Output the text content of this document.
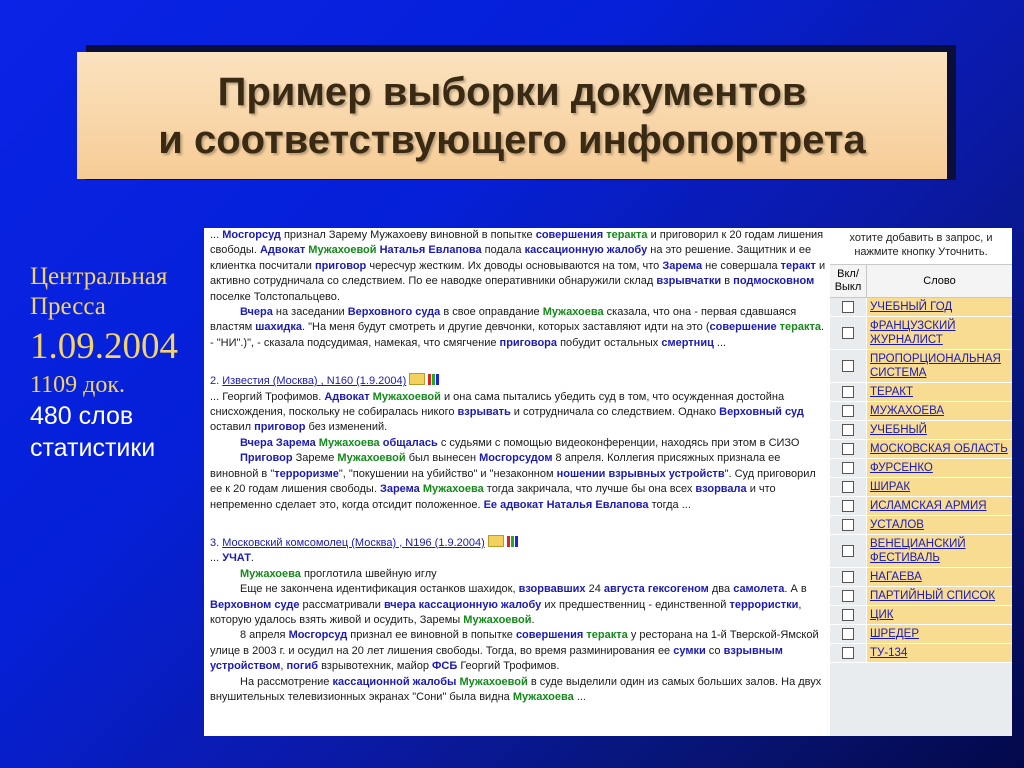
Пример выборки документов
и соответствующего инфопортрета
Центральная
Пресса
1.09.2004
1109 док.
480 слов
статистики

... Мосгорсуд признал Зарему Мужахоеву виновной в попытке совершения теракта и приговорил к 20 годам лишения свободы. Адвокат Мужахоевой Наталья Евлапова подала кассационную жалобу на это решение. Защитник и ее клиентка посчитали приговор чересчур жестким. Их доводы основываются на том, что Зарема не совершала теракт и активно сотрудничала со следствием. По ее наводке оперативники обнаружили склад взрывчатки в подмосковном поселке Толстопальцево.

Вчера на заседании Верховного суда в свое оправдание Мужахоева сказала, что она - первая сдавшаяся властям шахидка. "На меня будут смотреть и другие девчонки, которых заставляют идти на это (совершение теракта. - "НИ".)", - сказала подсудимая, намекая, что смягчение приговора побудит остальных смертниц ...

2. Известия (Москва) , N160 (1.9.2004)

... Георгий Трофимов. Адвокат Мужахоевой и она сама пытались убедить суд в том, что осужденная достойна снисхождения, поскольку не собиралась никого взрывать и сотрудничала со следствием. Однако Верховный суд оставил приговор без изменений.

Вчера Зарема Мужахоева общалась с судьями с помощью видеоконференции, находясь при этом в СИЗО

Приговор Зареме Мужахоевой был вынесен Мосгорсудом 8 апреля. Коллегия присяжных признала ее виновной в "терроризме", "покушении на убийство" и "незаконном ношении взрывных устройств". Суд приговорил ее к 20 годам лишения свободы. Зарема Мужахоева тогда закричала, что лучше бы она всех взорвала и что непременно сделает это, когда отсидит положенное. Ее адвокат Наталья Евлапова тогда ...

3. Московский комсомолец (Москва) , N196 (1.9.2004)

... УЧАТ.

Мужахоева проглотила швейную иглу

Еще не закончена идентификация останков шахидок, взорвавших 24 августа гексогеном два самолета. А в Верховном суде рассматривали вчера кассационную жалобу их предшественниц - единственной террористки, которую удалось взять живой и осудить, Заремы Мужахоевой.

8 апреля Мосгорсуд признал ее виновной в попытке совершения теракта у ресторана на 1-й Тверской-Ямской улице в 2003 г. и осудил на 20 лет лишения свободы. Тогда, во время разминирования ее сумки со взрывным устройством, погиб взрывотехник, майор ФСБ Георгий Трофимов.

На рассмотрение кассационной жалобы Мужахоевой в суде выделили один из самых больших залов. На двух внушительных телевизионных экранах "Сони" была видна Мужахоева ...

хотите добавить в запрос, и нажмите кнопку Уточнить.
Вкл/ Выкл	Слово
УЧЕБНЫЙ ГОД
ФРАНЦУЗСКИЙ ЖУРНАЛИСТ
ПРОПОРЦИОНАЛЬНАЯ СИСТЕМА
ТЕРАКТ
МУЖАХОЕВА
УЧЕБНЫЙ
МОСКОВСКАЯ ОБЛАСТЬ
ФУРСЕНКО
ШИРАК
ИСЛАМСКАЯ АРМИЯ
УСТАЛОВ
ВЕНЕЦИАНСКИЙ ФЕСТИВАЛЬ
НАГАЕВА
ПАРТИЙНЫЙ СПИСОК
ЦИК
ШРЕДЕР
ТУ-134
